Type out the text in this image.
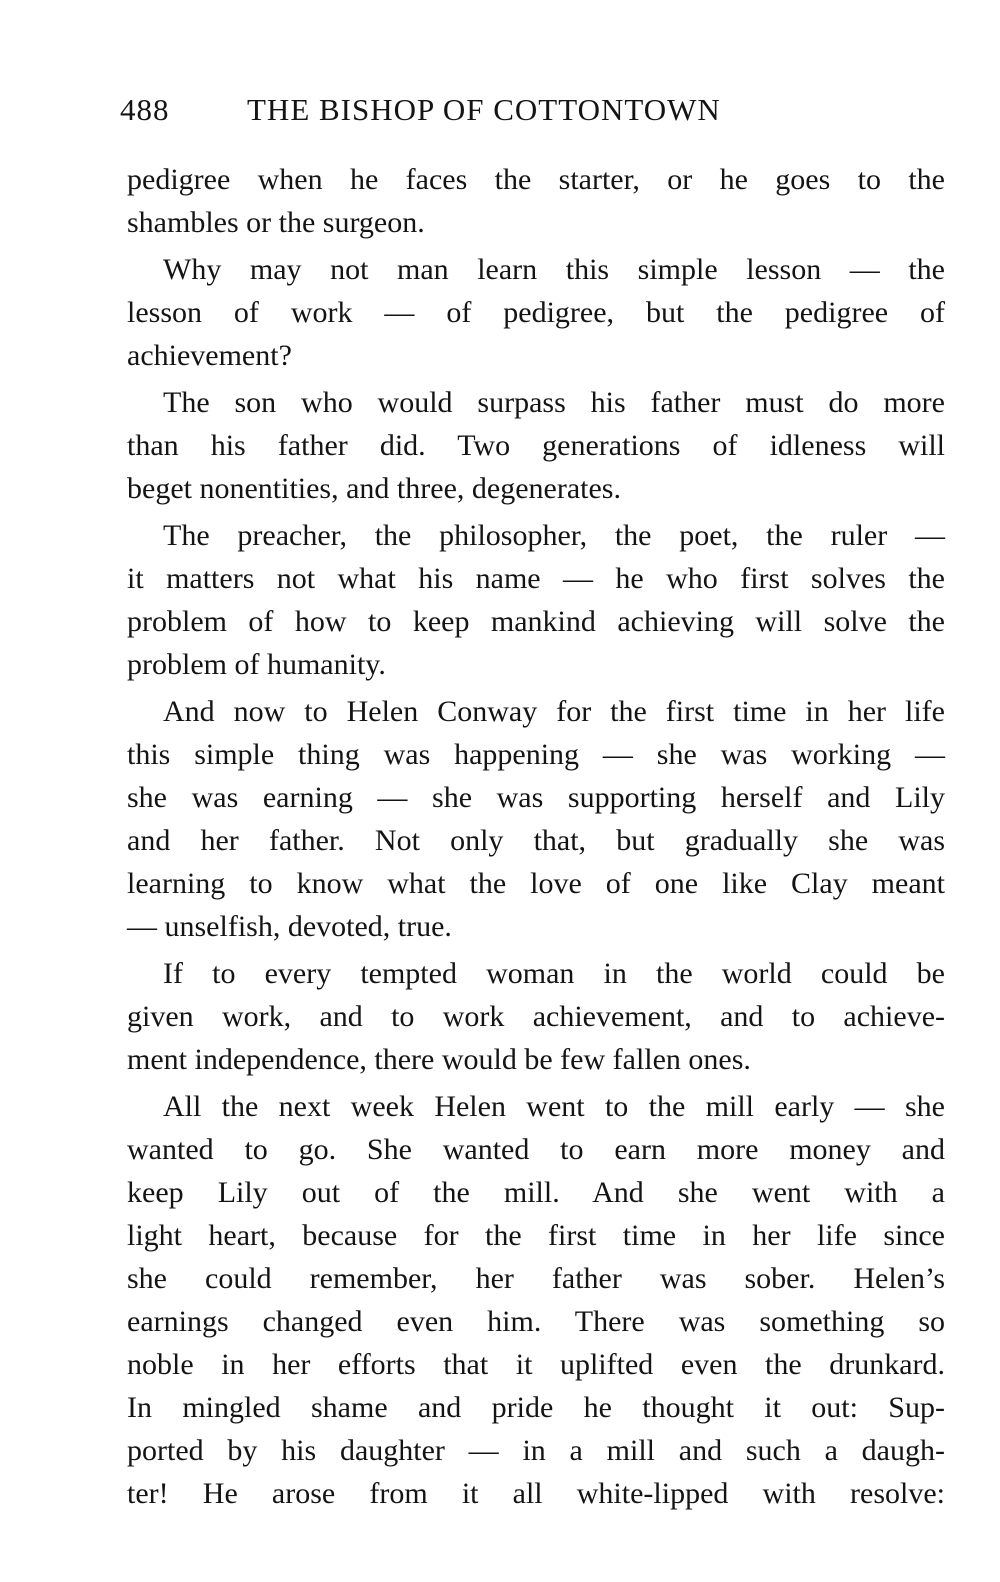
488	THE BISHOP OF COTTONTOWN
pedigree when he faces the starter, or he goes to the
shambles or the surgeon.
Why may not man learn this simple lesson — the
lesson of work — of pedigree, but the pedigree of
achievement?
The son who would surpass his father must do more
than his father did. Two generations of idleness will
beget nonentities, and three, degenerates.
The preacher, the philosopher, the poet, the ruler —
it matters not what his name — he who first solves the
problem of how to keep mankind achieving will solve the
problem of humanity.
And now to Helen Conway for the first time in her life
this simple thing was happening — she was working —
she was earning — she was supporting herself and Lily
and her father. Not only that, but gradually she was
learning to know what the love of one like Clay meant
— unselfish, devoted, true.
If to every tempted woman in the world could be
given work, and to work achievement, and to achieve-
ment independence, there would be few fallen ones.
All the next week Helen went to the mill early — she
wanted to go. She wanted to earn more money and
keep Lily out of the mill. And she went with a
light heart, because for the first time in her life since
she could remember, her father was sober. Helen’s
earnings changed even him. There was something so
noble in her efforts that it uplifted even the drunkard.
In mingled shame and pride he thought it out: Sup-
ported by his daughter — in a mill and such a daugh-
ter! He arose from it all white-lipped with resolve:
